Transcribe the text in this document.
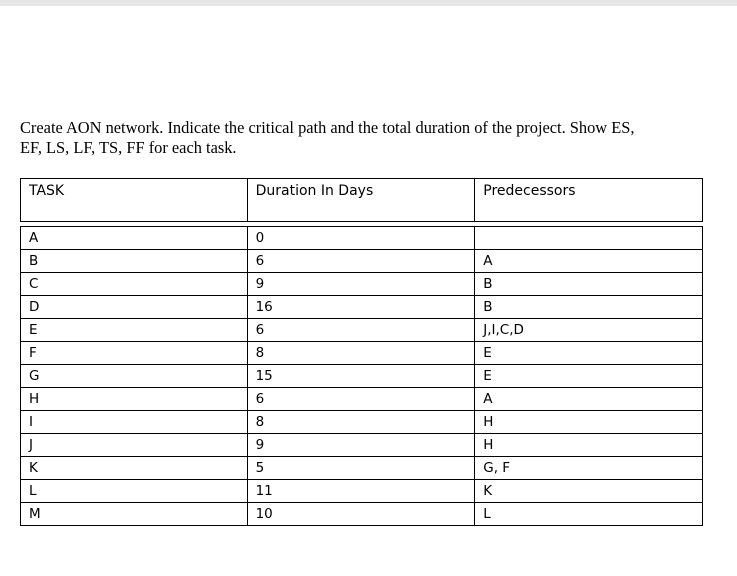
Create AON network. Indicate the critical path and the total duration of the project. Show ES,

EF, LS, LF, TS, FF for each task.

TASK	Duration In Days	Predecessors

A	0	
B	6	A
C	9	B
D	16	B
E	6	J,I,C,D
F	8	E
G	15	E
H	6	A
I	8	H
J	9	H
K	5	G, F
L	11	K
M	10	L
